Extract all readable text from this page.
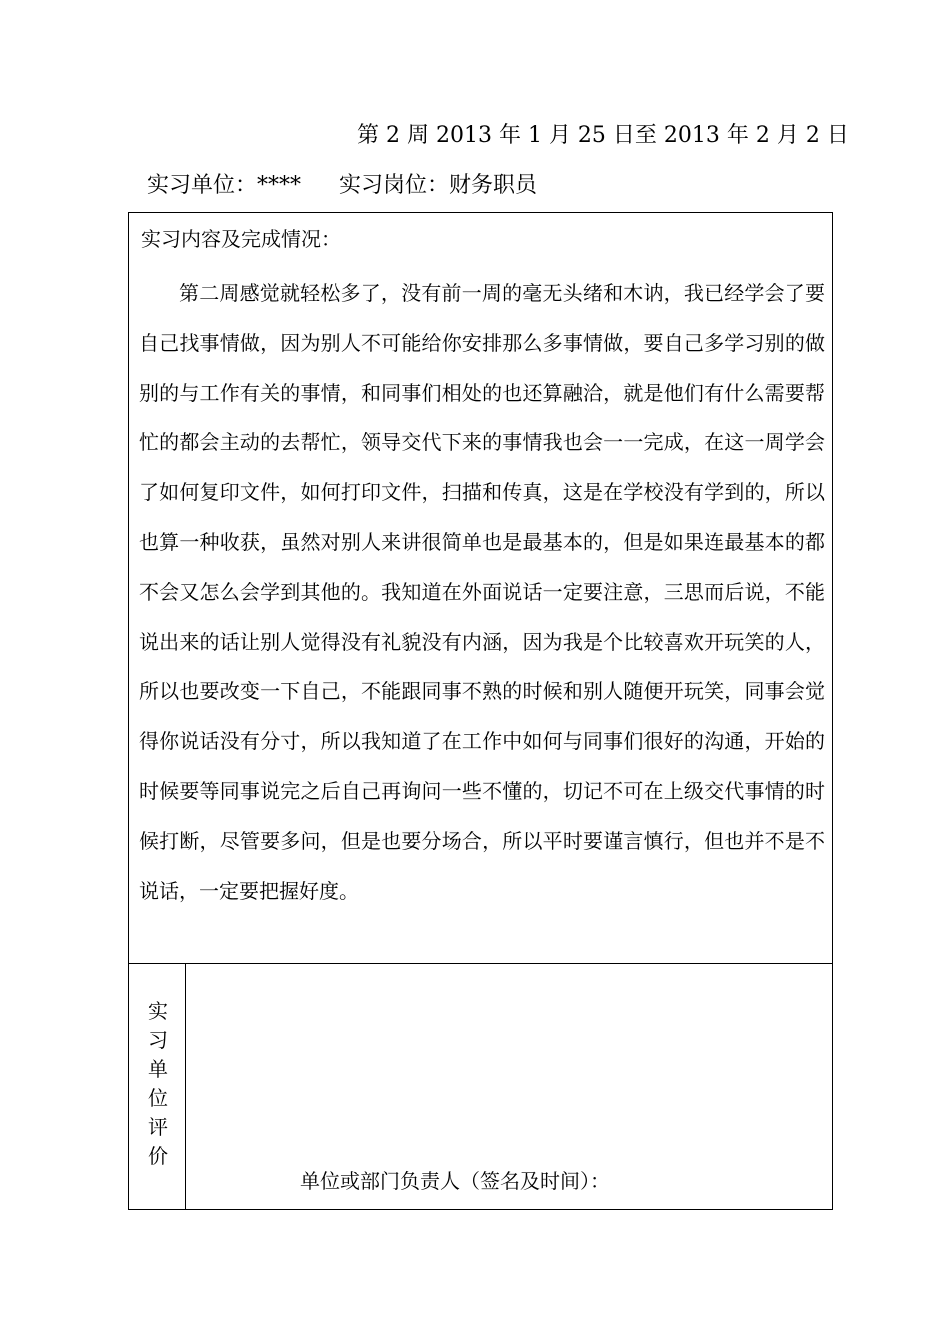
第 2 周 2013 年 1 月 25 日至 2013 年 2 月 2 日
实习单位：**** 实习岗位：财务职员
实习内容及完成情况：
第二周感觉就轻松多了，没有前一周的毫无头绪和木讷，我已经学会了要自己找事情做，因为别人不可能给你安排那么多事情做，要自己多学习别的做别的与工作有关的事情，和同事们相处的也还算融洽，就是他们有什么需要帮忙的都会主动的去帮忙，领导交代下来的事情我也会一一完成，在这一周学会了如何复印文件，如何打印文件，扫描和传真，这是在学校没有学到的，所以也算一种收获，虽然对别人来讲很简单也是最基本的，但是如果连最基本的都不会又怎么会学到其他的。我知道在外面说话一定要注意，三思而后说，不能说出来的话让别人觉得没有礼貌没有内涵，因为我是个比较喜欢开玩笑的人，所以也要改变一下自己，不能跟同事不熟的时候和别人随便开玩笑，同事会觉得你说话没有分寸，所以我知道了在工作中如何与同事们很好的沟通，开始的时候要等同事说完之后自己再询问一些不懂的，切记不可在上级交代事情的时候打断，尽管要多问，但是也要分场合，所以平时要谨言慎行，但也并不是不说话，一定要把握好度。
实习单位评价
单位或部门负责人（签名及时间）：
